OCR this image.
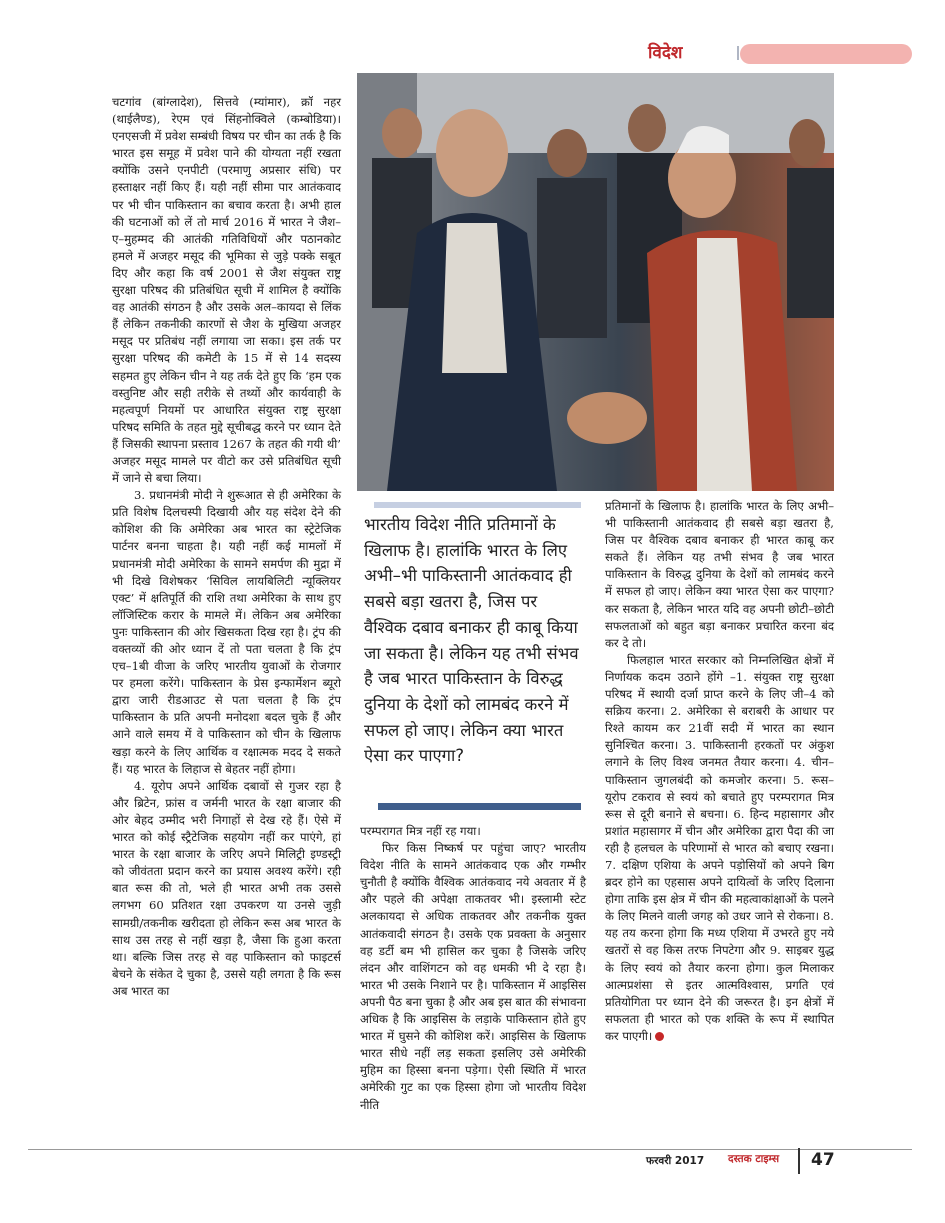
विदेश

चटगांव (बांग्लादेश), सित्तवे (म्यांमार), क्रॉ नहर (थाईलैण्ड), रेएम एवं सिंहनोक्विले (कम्बोडिया)। एनएसजी में प्रवेश सम्बंधी विषय पर चीन का तर्क है कि भारत इस समूह में प्रवेश पाने की योग्यता नहीं रखता क्योंकि उसने एनपीटी (परमाणु अप्रसार संधि) पर हस्ताक्षर नहीं किए हैं। यही नहीं सीमा पार आतंकवाद पर भी चीन पाकिस्तान का बचाव करता है। अभी हाल की घटनाओं को लें तो मार्च 2016 में भारत ने जैश–ए–मुहम्मद की आतंकी गतिविधियों और पठानकोट हमले में अजहर मसूद की भूमिका से जुड़े पक्के सबूत दिए और कहा कि वर्ष 2001 से जैश संयुक्त राष्ट्र सुरक्षा परिषद की प्रतिबंधित सूची में शामिल है क्योंकि वह आतंकी संगठन है और उसके अल–कायदा से लिंक हैं लेकिन तकनीकी कारणों से जैश के मुखिया अजहर मसूद पर प्रतिबंध नहीं लगाया जा सका। इस तर्क पर सुरक्षा परिषद की कमेटी के 15 में से 14 सदस्य सहमत हुए लेकिन चीन ने यह तर्क देते हुए कि ‘हम एक वस्तुनिष्ट और सही तरीके से तथ्यों और कार्यवाही के महत्वपूर्ण नियमों पर आधारित संयुक्त राष्ट्र सुरक्षा परिषद समिति के तहत मुद्दे सूचीबद्ध करने पर ध्यान देते हैं जिसकी स्थापना प्रस्ताव 1267 के तहत की गयी थी’ अजहर मसूद मामले पर वीटो कर उसे प्रतिबंधित सूची में जाने से बचा लिया।

3. प्रधानमंत्री मोदी ने शुरूआत से ही अमेरिका के प्रति विशेष दिलचस्पी दिखायी और यह संदेश देने की कोशिश की कि अमेरिका अब भारत का स्ट्रेटेजिक पार्टनर बनना चाहता है। यही नहीं कई मामलों में प्रधानमंत्री मोदी अमेरिका के सामने समर्पण की मुद्रा में भी दिखे विशेषकर ‘सिविल लायबिलिटी न्यूक्लियर एक्ट’ में क्षतिपूर्ति की राशि तथा अमेरिका के साथ हुए लॉजिस्टिक करार के मामले में। लेकिन अब अमेरिका पुनः पाकिस्तान की ओर खिसकता दिख रहा है। ट्रंप की वक्तव्यों की ओर ध्यान दें तो पता चलता है कि ट्रंप एच–1बी वीजा के जरिए भारतीय युवाओं के रोजगार पर हमला करेंगे। पाकिस्तान के प्रेस इन्फार्मेशन ब्यूरो द्वारा जारी रीडआउट से पता चलता है कि ट्रंप पाकिस्तान के प्रति अपनी मनोदशा बदल चुके हैं और आने वाले समय में वे पाकिस्तान को चीन के खिलाफ खड़ा करने के लिए आर्थिक व रक्षात्मक मदद दे सकते हैं। यह भारत के लिहाज से बेहतर नहीं होगा।

4. यूरोप अपने आर्थिक दबावों से गुजर रहा है और ब्रिटेन, फ्रांस व जर्मनी भारत के रक्षा बाजार की ओर बेहद उम्मीद भरी निगाहों से देख रहे हैं। ऐसे में भारत को कोई स्ट्रैटेजिक सहयोग नहीं कर पाएंगे, हां भारत के रक्षा बाजार के जरिए अपने मिलिट्री इण्डस्ट्री को जीवंतता प्रदान करने का प्रयास अवश्य करेंगे। रही बात रूस की तो, भले ही भारत अभी तक उससे लगभग 60 प्रतिशत रक्षा उपकरण या उनसे जुड़ी सामग्री/तकनीक खरीदता हो लेकिन रूस अब भारत के साथ उस तरह से नहीं खड़ा है, जैसा कि हुआ करता था। बल्कि जिस तरह से वह पाकिस्तान को फाइटर्स बेचने के संकेत दे चुका है, उससे यही लगता है कि रूस अब भारत का

भारतीय विदेश नीति प्रतिमानों के खिलाफ है। हालांकि भारत के लिए अभी–भी पाकिस्तानी आतंकवाद ही सबसे बड़ा खतरा है, जिस पर वैश्विक दबाव बनाकर ही काबू किया जा सकता है। लेकिन यह तभी संभव है जब भारत पाकिस्तान के विरुद्ध दुनिया के देशों को लामबंद करने में सफल हो जाए। लेकिन क्या भारत ऐसा कर पाएगा?

परम्परागत मित्र नहीं रह गया।

फिर किस निष्कर्ष पर पहुंचा जाए? भारतीय विदेश नीति के सामने आतंकवाद एक और गम्भीर चुनौती है क्योंकि वैश्विक आतंकवाद नये अवतार में है और पहले की अपेक्षा ताकतवर भी। इस्लामी स्टेट अलकायदा से अधिक ताकतवर और तकनीक युक्त आतंकवादी संगठन है। उसके एक प्रवक्ता के अनुसार वह डर्टी बम भी हासिल कर चुका है जिसके जरिए लंदन और वाशिंगटन को वह धमकी भी दे रहा है। भारत भी उसके निशाने पर है। पाकिस्तान में आइसिस अपनी पैठ बना चुका है और अब इस बात की संभावना अधिक है कि आइसिस के लड़ाके पाकिस्तान होते हुए भारत में घुसने की कोशिश करें। आइसिस के खिलाफ भारत सीधे नहीं लड़ सकता इसलिए उसे अमेरिकी मुहिम का हिस्सा बनना पड़ेगा। ऐसी स्थिति में भारत अमेरिकी गुट का एक हिस्सा होगा जो भारतीय विदेश नीति

प्रतिमानों के खिलाफ है। हालांकि भारत के लिए अभी–भी पाकिस्तानी आतंकवाद ही सबसे बड़ा खतरा है, जिस पर वैश्विक दबाव बनाकर ही भारत काबू कर सकते हैं। लेकिन यह तभी संभव है जब भारत पाकिस्तान के विरुद्ध दुनिया के देशों को लामबंद करने में सफल हो जाए। लेकिन क्या भारत ऐसा कर पाएगा? कर सकता है, लेकिन भारत यदि वह अपनी छोटी–छोटी सफलताओं को बहुत बड़ा बनाकर प्रचारित करना बंद कर दे तो।

फिलहाल भारत सरकार को निम्नलिखित क्षेत्रों में निर्णायक कदम उठाने होंगे –1. संयुक्त राष्ट्र सुरक्षा परिषद में स्थायी दर्जा प्राप्त करने के लिए जी–4 को सक्रिय करना। 2. अमेरिका से बराबरी के आधार पर रिश्ते कायम कर 21वीं सदी में भारत का स्थान सुनिश्चित करना। 3. पाकिस्तानी हरकतों पर अंकुश लगाने के लिए विश्व जनमत तैयार करना। 4. चीन–पाकिस्तान जुगलबंदी को कमजोर करना। 5. रूस–यूरोप टकराव से स्वयं को बचाते हुए परम्परागत मित्र रूस से दूरी बनाने से बचना। 6. हिन्द महासागर और प्रशांत महासागर में चीन और अमेरिका द्वारा पैदा की जा रही है हलचल के परिणामों से भारत को बचाए रखना। 7. दक्षिण एशिया के अपने पड़ोसियों को अपने बिग ब्रदर होने का एहसास अपने दायित्वों के जरिए दिलाना होगा ताकि इस क्षेत्र में चीन की महत्वाकांक्षाओं के पलने के लिए मिलने वाली जगह को उधर जाने से रोकना। 8. यह तय करना होगा कि मध्य एशिया में उभरते हुए नये खतरों से वह किस तरफ निपटेगा और 9. साइबर युद्ध के लिए स्वयं को तैयार करना होगा। कुल मिलाकर आत्मप्रशंसा से इतर आत्मविश्वास, प्रगति एवं प्रतियोगिता पर ध्यान देने की जरूरत है। इन क्षेत्रों में सफलता ही भारत को एक शक्ति के रूप में स्थापित कर पाएगी।

फरवरी 2017 दस्तक टाइम्स 47
